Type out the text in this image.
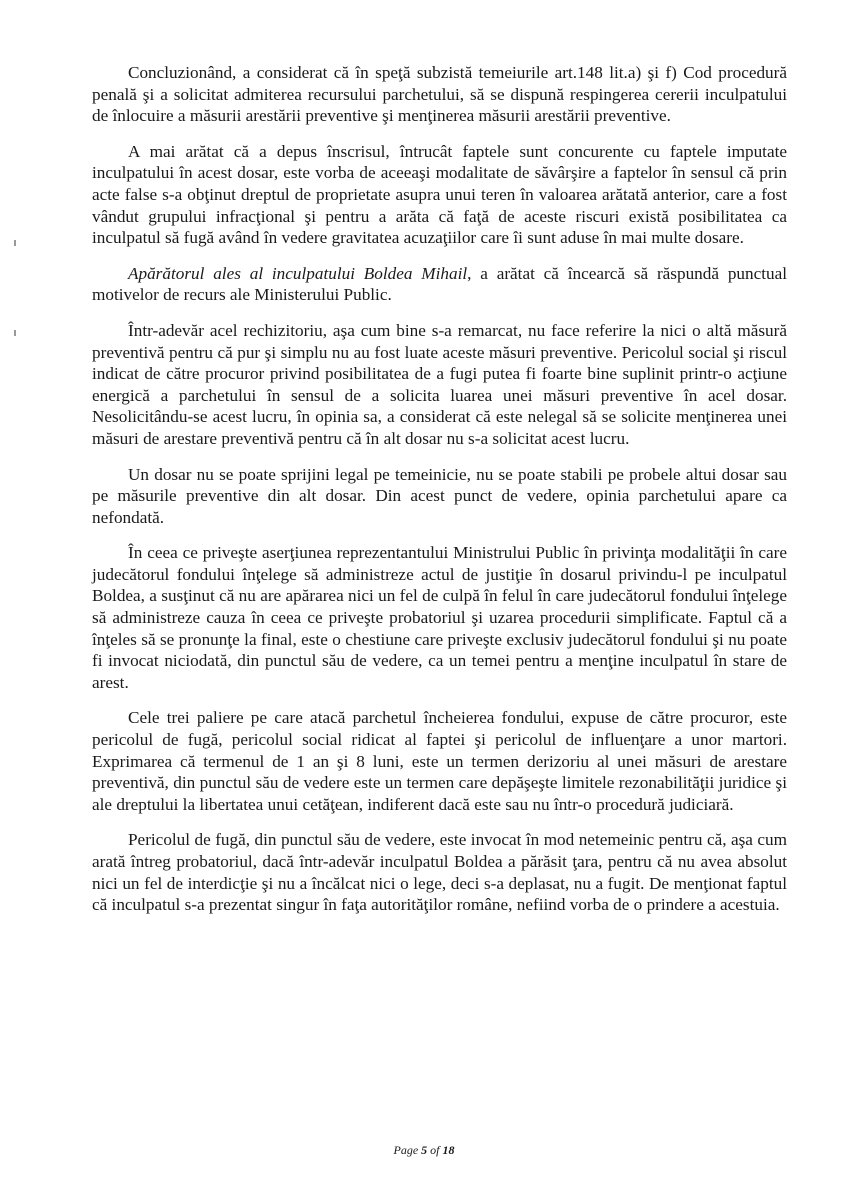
Concluzionând, a considerat că în speţă subzistă temeiurile art.148 lit.a) şi f) Cod procedură penală şi a solicitat admiterea recursului parchetului, să se dispună respingerea cererii inculpatului de înlocuire a măsurii arestării preventive şi menţinerea măsurii arestării preventive.

A mai arătat că a depus înscrisul, întrucât faptele sunt concurente cu faptele imputate inculpatului în acest dosar, este vorba de aceeaşi modalitate de săvârşire a faptelor în sensul că prin acte false s-a obţinut dreptul de proprietate asupra unui teren în valoarea arătată anterior, care a fost vândut grupului infracţional şi pentru a arăta că faţă de aceste riscuri există posibilitatea ca inculpatul să fugă având în vedere gravitatea acuzaţiilor care îi sunt aduse în mai multe dosare.

Apărătorul ales al inculpatului Boldea Mihail, a arătat că încearcă să răspundă punctual motivelor de recurs ale Ministerului Public.

Într-adevăr acel rechizitoriu, aşa cum bine s-a remarcat, nu face referire la nici o altă măsură preventivă pentru că pur şi simplu nu au fost luate aceste măsuri preventive. Pericolul social şi riscul indicat de către procuror privind posibilitatea de a fugi putea fi foarte bine suplinit printr-o acţiune energică a parchetului în sensul de a solicita luarea unei măsuri preventive în acel dosar. Nesolicitându-se acest lucru, în opinia sa, a considerat că este nelegal să se solicite menţinerea unei măsuri de arestare preventivă pentru că în alt dosar nu s-a solicitat acest lucru.

Un dosar nu se poate sprijini legal pe temeinicie, nu se poate stabili pe probele altui dosar sau pe măsurile preventive din alt dosar. Din acest punct de vedere, opinia parchetului apare ca nefondată.

În ceea ce priveşte aserţiunea reprezentantului Ministrului Public în privinţa modalităţii în care judecătorul fondului înţelege să administreze actul de justiţie în dosarul privindu-l pe inculpatul Boldea, a susţinut că nu are apărarea nici un fel de culpă în felul în care judecătorul fondului înţelege să administreze cauza în ceea ce priveşte probatoriul şi uzarea procedurii simplificate. Faptul că a înţeles să se pronunţe la final, este o chestiune care priveşte exclusiv judecătorul fondului şi nu poate fi invocat niciodată, din punctul său de vedere, ca un temei pentru a menţine inculpatul în stare de arest.

Cele trei paliere pe care atacă parchetul încheierea fondului, expuse de către procuror, este pericolul de fugă, pericolul social ridicat al faptei şi pericolul de influenţare a unor martori. Exprimarea că termenul de 1 an şi 8 luni, este un termen derizoriu al unei măsuri de arestare preventivă, din punctul său de vedere este un termen care depăşeşte limitele rezonabilităţii juridice şi ale dreptului la libertatea unui cetăţean, indiferent dacă este sau nu într-o procedură judiciară.

Pericolul de fugă, din punctul său de vedere, este invocat în mod netemeinic pentru că, aşa cum arată întreg probatoriul, dacă într-adevăr inculpatul Boldea a părăsit ţara, pentru că nu avea absolut nici un fel de interdicţie şi nu a încălcat nici o lege, deci s-a deplasat, nu a fugit. De menţionat faptul că inculpatul s-a prezentat singur în faţa autorităţilor române, nefiind vorba de o prindere a acestuia.

Page 5 of 18
